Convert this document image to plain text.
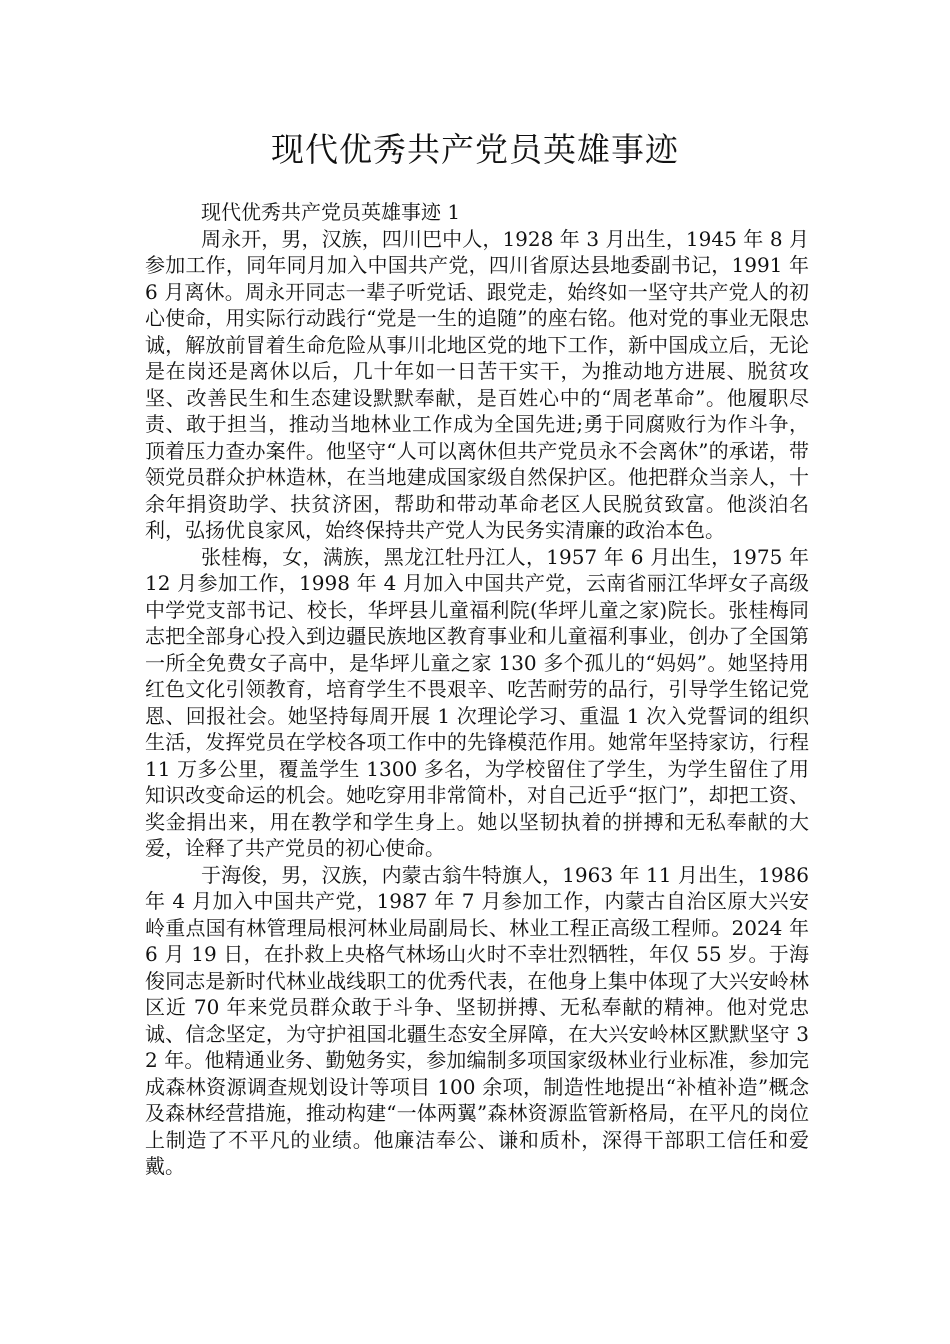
现代优秀共产党员英雄事迹

现代优秀共产党员英雄事迹 1

周永开，男，汉族，四川巴中人，1928 年 3 月出生，1945 年 8 月参加工作，同年同月加入中国共产党，四川省原达县地委副书记，1991 年 6 月离休。周永开同志一辈子听党话、跟党走，始终如一坚守共产党人的初心使命，用实际行动践行“党是一生的追随”的座右铭。他对党的事业无限忠诚，解放前冒着生命危险从事川北地区党的地下工作，新中国成立后，无论是在岗还是离休以后，几十年如一日苦干实干，为推动地方进展、脱贫攻坚、改善民生和生态建设默默奉献，是百姓心中的“周老革命”。他履职尽责、敢于担当，推动当地林业工作成为全国先进;勇于同腐败行为作斗争，顶着压力查办案件。他坚守“人可以离休但共产党员永不会离休”的承诺，带领党员群众护林造林，在当地建成国家级自然保护区。他把群众当亲人，十余年捐资助学、扶贫济困，帮助和带动革命老区人民脱贫致富。他淡泊名利，弘扬优良家风，始终保持共产党人为民务实清廉的政治本色。

张桂梅，女，满族，黑龙江牡丹江人，1957 年 6 月出生，1975 年 12 月参加工作，1998 年 4 月加入中国共产党，云南省丽江华坪女子高级中学党支部书记、校长，华坪县儿童福利院(华坪儿童之家)院长。张桂梅同志把全部身心投入到边疆民族地区教育事业和儿童福利事业，创办了全国第一所全免费女子高中，是华坪儿童之家 130 多个孤儿的“妈妈”。她坚持用红色文化引领教育，培育学生不畏艰辛、吃苦耐劳的品行，引导学生铭记党恩、回报社会。她坚持每周开展 1 次理论学习、重温 1 次入党誓词的组织生活，发挥党员在学校各项工作中的先锋模范作用。她常年坚持家访，行程 11 万多公里，覆盖学生 1300 多名，为学校留住了学生，为学生留住了用知识改变命运的机会。她吃穿用非常简朴，对自己近乎“抠门”，却把工资、奖金捐出来，用在教学和学生身上。她以坚韧执着的拼搏和无私奉献的大爱，诠释了共产党员的初心使命。

于海俊，男，汉族，内蒙古翁牛特旗人，1963 年 11 月出生，1986 年 4 月加入中国共产党，1987 年 7 月参加工作，内蒙古自治区原大兴安岭重点国有林管理局根河林业局副局长、林业工程正高级工程师。2024 年 6 月 19 日，在扑救上央格气林场山火时不幸壮烈牺牲，年仅 55 岁。于海俊同志是新时代林业战线职工的优秀代表，在他身上集中体现了大兴安岭林区近 70 年来党员群众敢于斗争、坚韧拼搏、无私奉献的精神。他对党忠诚、信念坚定，为守护祖国北疆生态安全屏障，在大兴安岭林区默默坚守 32 年。他精通业务、勤勉务实，参加编制多项国家级林业行业标准，参加完成森林资源调查规划设计等项目 100 余项，制造性地提出“补植补造”概念及森林经营措施，推动构建“一体两翼”森林资源监管新格局，在平凡的岗位上制造了不平凡的业绩。他廉洁奉公、谦和质朴，深得干部职工信任和爱戴。
